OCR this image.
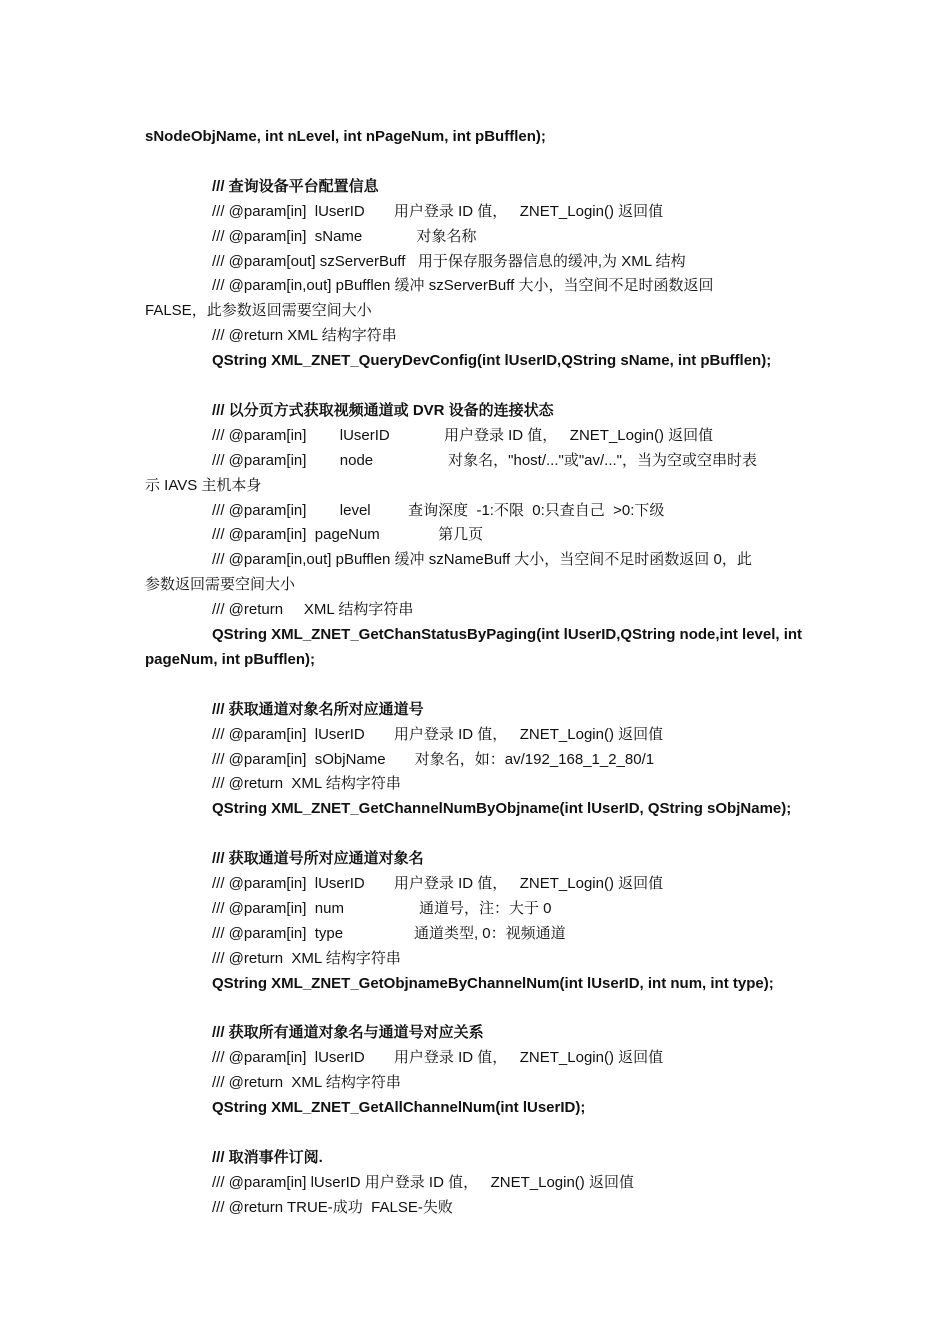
sNodeObjName, int nLevel, int nPageNum, int pBufflen);
/// 查询设备平台配置信息
/// @param[in]  lUserID       用户登录 ID 值，   ZNET_Login() 返回值
/// @param[in]  sName             对象名称
/// @param[out] szServerBuff   用于保存服务器信息的缓冲,为 XML 结构
/// @param[in,out] pBufflen 缓冲 szServerBuff 大小，当空间不足时函数返回
FALSE，此参数返回需要空间大小
/// @return XML 结构字符串
QString XML_ZNET_QueryDevConfig(int lUserID,QString sName, int pBufflen);
/// 以分页方式获取视频通道或 DVR 设备的连接状态
/// @param[in]        lUserID             用户登录 ID 值，   ZNET_Login() 返回值
/// @param[in]        node                  对象名，"host/..."或"av/..."，当为空或空串时表
示 IAVS 主机本身
/// @param[in]        level         查询深度  -1:不限  0:只查自己  >0:下级
/// @param[in]  pageNum              第几页
/// @param[in,out] pBufflen 缓冲 szNameBuff 大小，当空间不足时函数返回 0，此
参数返回需要空间大小
/// @return     XML 结构字符串
QString XML_ZNET_GetChanStatusByPaging(int lUserID,QString node,int level, int
pageNum, int pBufflen);
/// 获取通道对象名所对应通道号
/// @param[in]  lUserID       用户登录 ID 值，   ZNET_Login() 返回值
/// @param[in]  sObjName       对象名，如：av/192_168_1_2_80/1
/// @return  XML 结构字符串
QString XML_ZNET_GetChannelNumByObjname(int lUserID, QString sObjName);
/// 获取通道号所对应通道对象名
/// @param[in]  lUserID       用户登录 ID 值，   ZNET_Login() 返回值
/// @param[in]  num                  通道号，注：大于 0
/// @param[in]  type                 通道类型, 0：视频通道
/// @return  XML 结构字符串
QString XML_ZNET_GetObjnameByChannelNum(int lUserID, int num, int type);
/// 获取所有通道对象名与通道号对应关系
/// @param[in]  lUserID       用户登录 ID 值，   ZNET_Login() 返回值
/// @return  XML 结构字符串
QString XML_ZNET_GetAllChannelNum(int lUserID);
/// 取消事件订阅.
/// @param[in] lUserID 用户登录 ID 值，   ZNET_Login() 返回值
/// @return TRUE-成功  FALSE-失败
